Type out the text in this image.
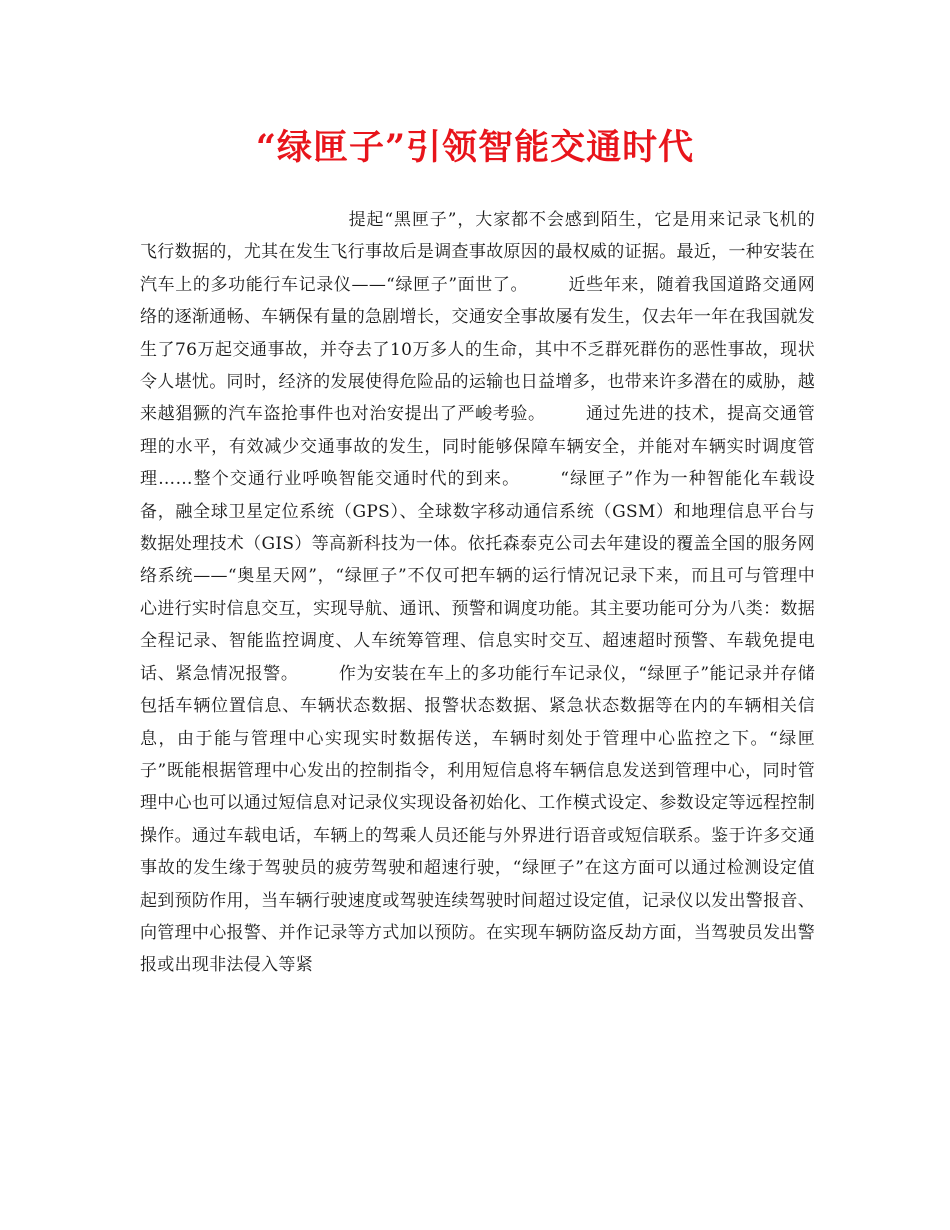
“绿匣子”引领智能交通时代
提起“黑匣子”，大家都不会感到陌生，它是用来记录飞机的飞行数据的，尤其在发生飞行事故后是调查事故原因的最权威的证据。最近，一种安装在汽车上的多功能行车记录仪——“绿匣子”面世了。 近些年来，随着我国道路交通网络的逐渐通畅、车辆保有量的急剧增长，交通安全事故屡有发生，仅去年一年在我国就发生了76万起交通事故，并夺去了10万多人的生命，其中不乏群死群伤的恶性事故，现状令人堪忧。同时，经济的发展使得危险品的运输也日益增多，也带来许多潜在的威胁，越来越猖獗的汽车盗抢事件也对治安提出了严峻考验。 通过先进的技术，提高交通管理的水平，有效减少交通事故的发生，同时能够保障车辆安全，并能对车辆实时调度管理……整个交通行业呼唤智能交通时代的到来。 “绿匣子”作为一种智能化车载设备，融全球卫星定位系统（GPS）、全球数字移动通信系统（GSM）和地理信息平台与数据处理技术（GIS）等高新科技为一体。依托森泰克公司去年建设的覆盖全国的服务网络系统——“奥星天网”，“绿匣子”不仅可把车辆的运行情况记录下来，而且可与管理中心进行实时信息交互，实现导航、通讯、预警和调度功能。其主要功能可分为八类：数据全程记录、智能监控调度、人车统筹管理、信息实时交互、超速超时预警、车载免提电话、紧急情况报警。 作为安装在车上的多功能行车记录仪，“绿匣子”能记录并存储包括车辆位置信息、车辆状态数据、报警状态数据、紧急状态数据等在内的车辆相关信息，由于能与管理中心实现实时数据传送，车辆时刻处于管理中心监控之下。“绿匣子”既能根据管理中心发出的控制指令，利用短信息将车辆信息发送到管理中心，同时管理中心也可以通过短信息对记录仪实现设备初始化、工作模式设定、参数设定等远程控制操作。通过车载电话，车辆上的驾乘人员还能与外界进行语音或短信联系。鉴于许多交通事故的发生缘于驾驶员的疲劳驾驶和超速行驶，“绿匣子”在这方面可以通过检测设定值起到预防作用，当车辆行驶速度或驾驶连续驾驶时间超过设定值，记录仪以发出警报音、向管理中心报警、并作记录等方式加以预防。在实现车辆防盗反劫方面，当驾驶员发出警报或出现非法侵入等紧
